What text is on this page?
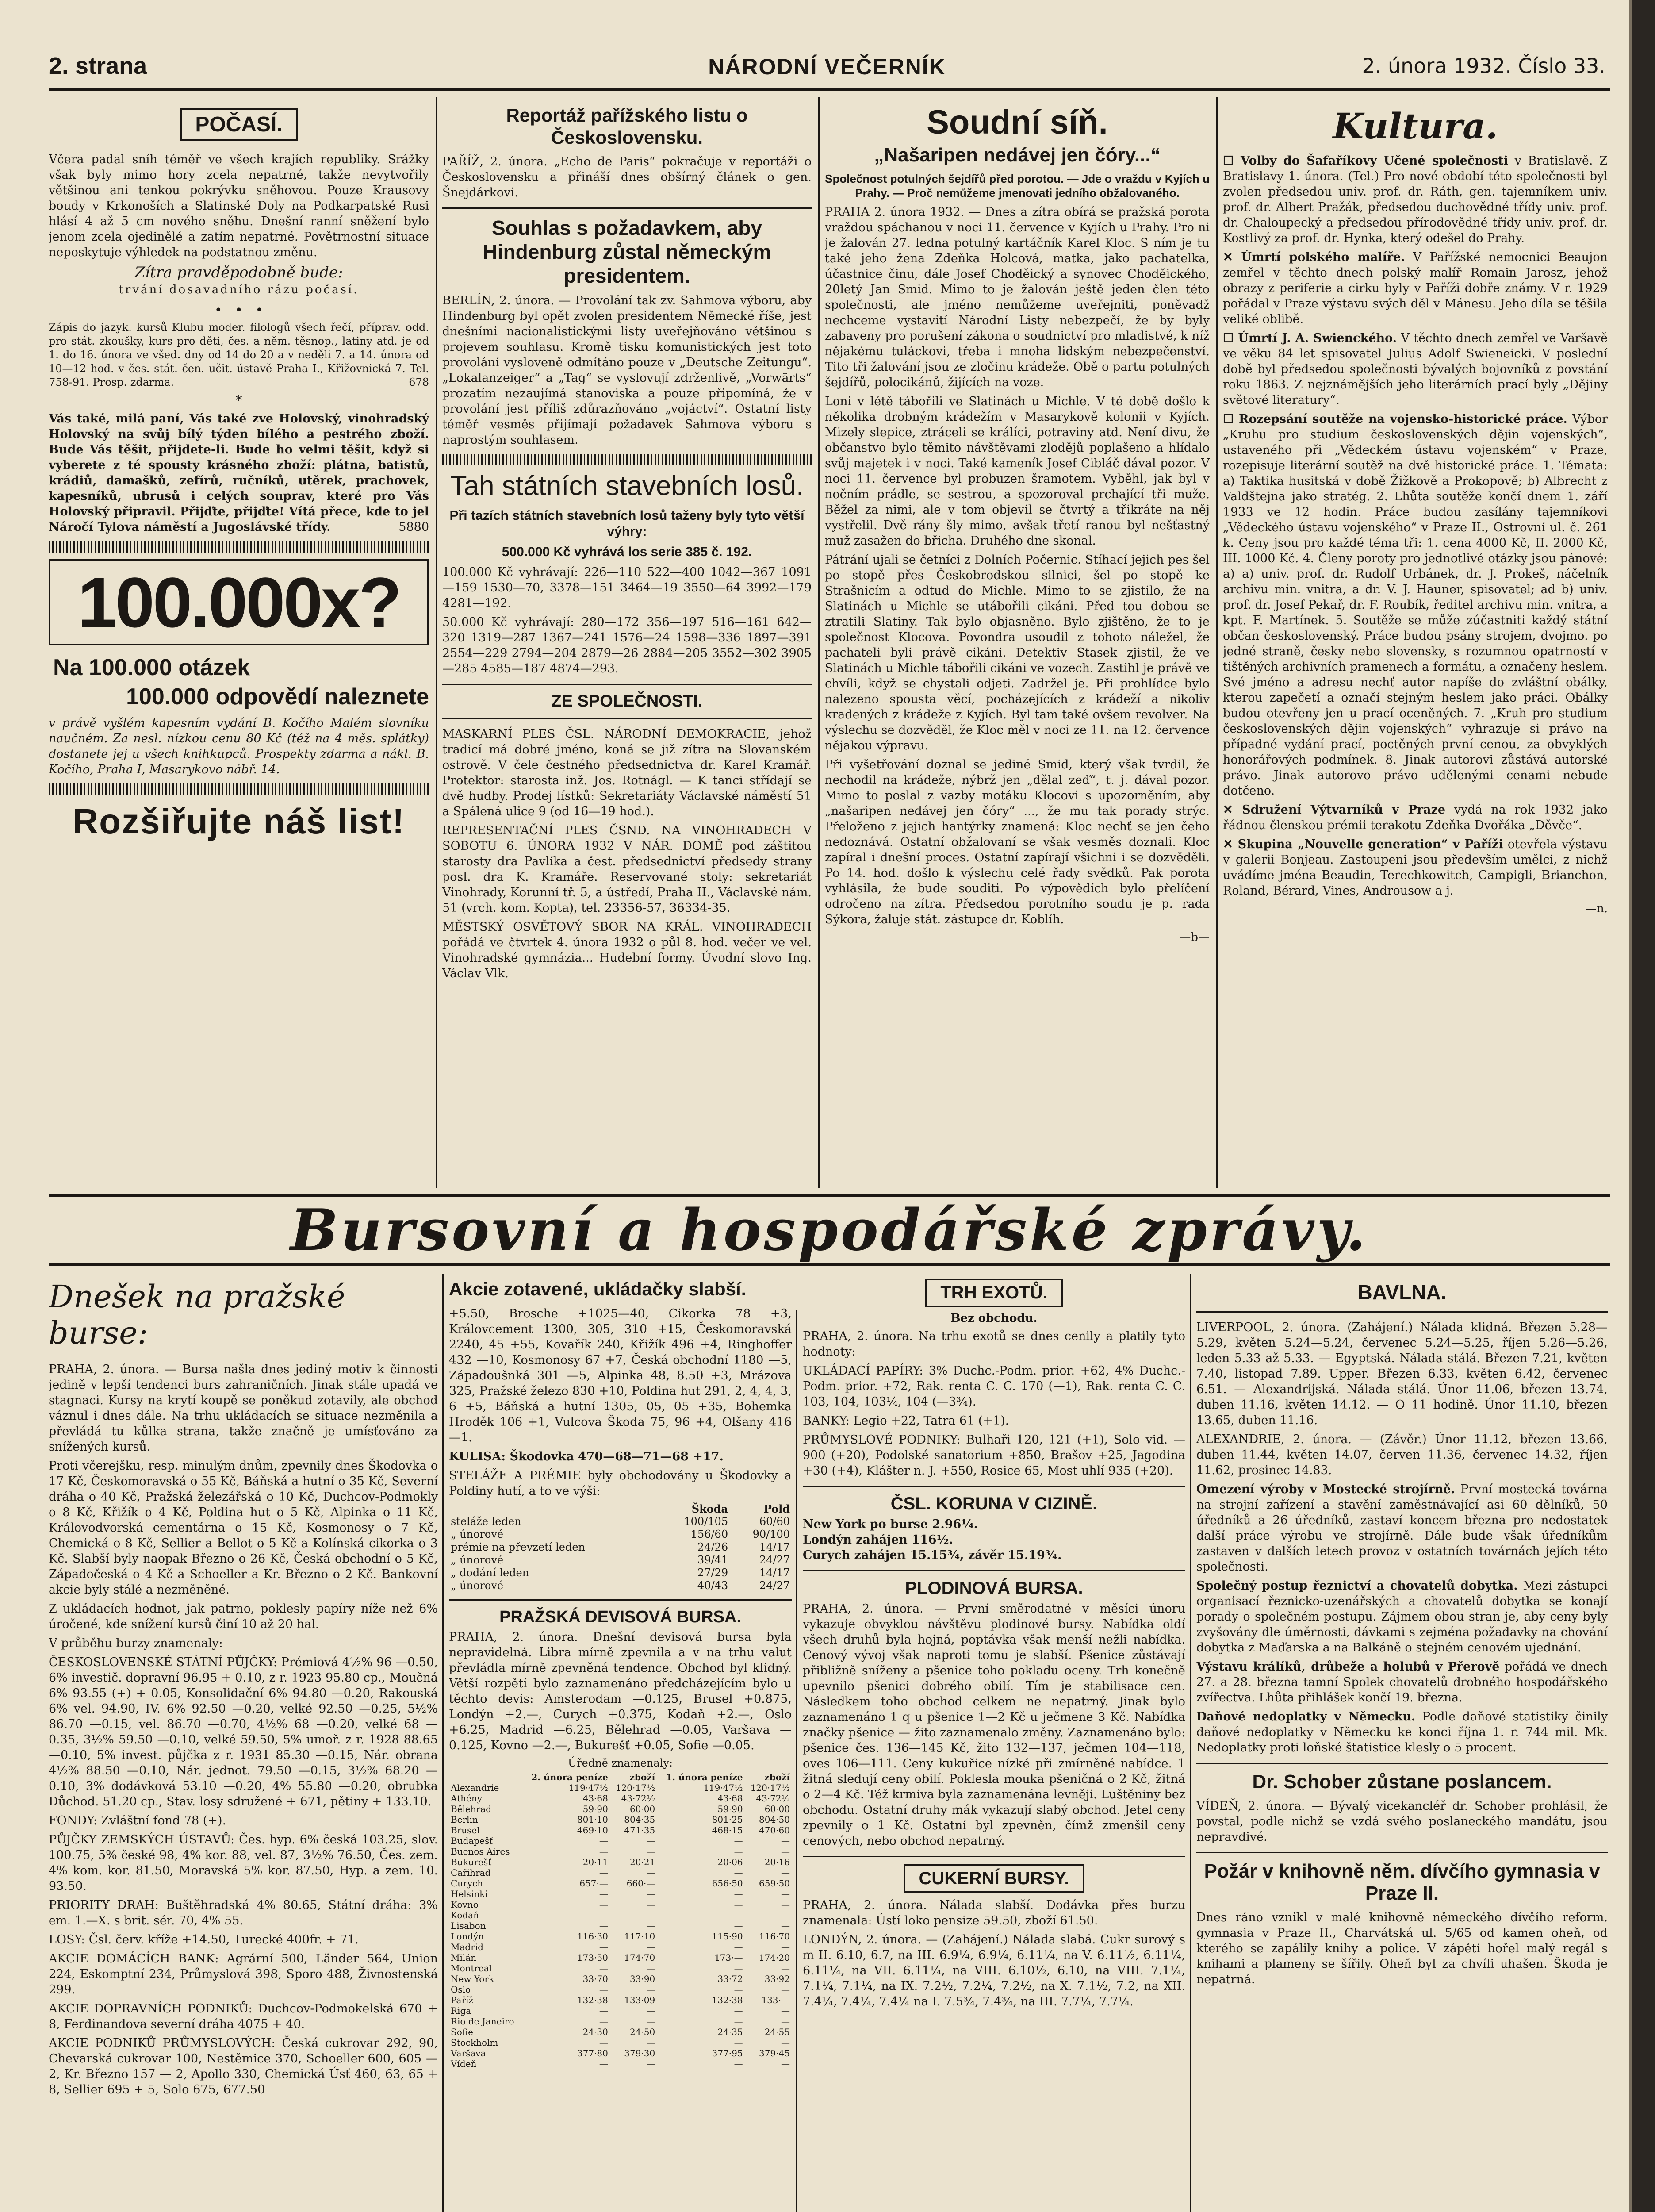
2. strana	NÁRODNÍ VEČERNÍK	2. února 1932. Číslo 33.
POČASÍ.

Včera padal sníh téměř ve všech krajích republiky. Srážky však byly mimo hory zcela nepatrné, takže nevytvořily většinou ani tenkou pokrývku sněhovou. Pouze Krausovy boudy v Krkonoších a Slatinské Doly na Podkarpatské Rusi hlásí 4 až 5 cm nového sněhu. Dnešní ranní sněžení bylo jenom zcela ojedinělé a zatím nepatrné. Povětrnostní situace neposkytuje výhledek na podstatnou změnu.

Zítra pravděpodobně bude:
trvání dosavadního rázu počasí.
•   •   •

Zápis do jazyk. kursů Klubu moder. filologů všech řečí, příprav. odd. pro stát. zkoušky, kurs pro děti, čes. a něm. těsnop., latiny atd. je od 1. do 16. února ve všed. dny od 14 do 20 a v neděli 7. a 14. února od 10—12 hod. v čes. stát. čen. učit. ústavě Praha I., Křižovnická 7. Tel. 758-91. Prosp. zdarma.	678

*

Vás také, milá paní, Vás také zve Holovský, vinohradský Holovský na svůj bílý týden bílého a pestrého zboží. Bude Vás těšit, přijdete-li. Bude ho velmi těšit, když si vyberete z té spousty krásného zboží: plátna, batistů, krádiů, damašků, zefírů, ručníků, utěrek, prachovek, kapesníků, ubrusů i celých souprav, které pro Vás Holovský připravil. Přijďte, přijďte! Vítá přece, kde to jel Náročí Tylova náměstí a Jugoslávské třídy.	5880

100.000x?
Na 100.000 otázek
100.000 odpovědí naleznete

v právě vyšlém kapesním vydání B. Kočího Malém slovníku naučném. Za nesl. nízkou cenu 80 Kč (též na 4 měs. splátky) dostanete jej u všech knihkupců. Prospekty zdarma a nákl. B. Kočího, Praha I, Masarykovo nábř. 14.

Rozšiřujte náš list!
Reportáž pařížského listu o Československu.

PAŘÍŽ, 2. února. „Echo de Paris“ pokračuje v reportáži o Československu a přináší dnes obšírný článek o gen. Šnejdárkovi.

Souhlas s požadavkem, aby Hindenburg zůstal německým presidentem.

BERLÍN, 2. února. — Provolání tak zv. Sahmova výboru, aby Hindenburg byl opět zvolen presidentem Německé říše, jest dnešními nacionalistickými listy uveřejňováno většinou s projevem souhlasu. Kromě tisku komunistických jest toto provolání vysloveně odmítáno pouze v „Deutsche Zeitungu“. „Lokalanzeiger“ a „Tag“ se vyslovují zdrženlivě, „Vorwärts“ prozatím nezaujímá stanoviska a pouze připomíná, že v provolání jest příliš zdůrazňováno „vojáctví“. Ostatní listy téměř vesměs přijímají požadavek Sahmova výboru s naprostým souhlasem.

Tah státních stavebních losů.
Při tazích státních stavebních losů taženy byly tyto větší výhry:
500.000 Kč vyhrává los serie 385 č. 192.

100.000 Kč vyhrávají: 226—110 522—400 1042—367 1091—159 1530—70, 3378—151 3464—19 3550—64 3992—179 4281—192.

50.000 Kč vyhrávají: 280—172 356—197 516—161 642—320 1319—287 1367—241 1576—24 1598—336 1897—391 2554—229 2794—204 2879—26 2884—205 3552—302 3905—285 4585—187 4874—293.

ZE SPOLEČNOSTI.

MASKARNÍ PLES ČSL. NÁRODNÍ DEMOKRACIE, jehož tradicí má dobré jméno, koná se již zítra na Slovanském ostrově. V čele čestného předsednictva dr. Karel Kramář. Protektor: starosta inž. Jos. Rotnágl. — K tanci střídají se dvě hudby. Prodej lístků: Sekretariáty Václavské náměstí 51 a Spálená ulice 9 (od 16—19 hod.).

REPRESENTAČNÍ PLES ČSND. NA VINOHRADECH V SOBOTU 6. ÚNORA 1932 V NÁR. DOMĚ pod záštitou starosty dra Pavlíka a čest. předsednictví předsedy strany posl. dra K. Kramáře. Reservované stoly: sekretariát Vinohrady, Korunní tř. 5, a ústředí, Praha II., Václavské nám. 51 (vrch. kom. Kopta), tel. 23356-57, 36334-35.

MĚSTSKÝ OSVĚTOVÝ SBOR NA KRÁL. VINOHRADECH pořádá ve čtvrtek 4. února 1932 o půl 8. hod. večer ve vel. Vinohradské gymnázia... Hudební formy. Úvodní slovo Ing. Václav Vlk.

Soudní síň.
„Našaripen nedávej jen čóry...“
Společnost potulných šejdířů před porotou. — Jde o vraždu v Kyjích u Prahy. — Proč nemůžeme jmenovati jedního obžalovaného.

PRAHA 2. února 1932. — Dnes a zítra obírá se pražská porota vraždou spáchanou v noci 11. července v Kyjích u Prahy. Pro ni je žalován 27. ledna potulný kartáčník Karel Kloc. S ním je tu také jeho žena Zdeňka Holcová, matka, jako pachatelka, účastnice činu, dále Josef Choděický a synovec Choděického, 20letý Jan Smid. Mimo to je žalován ještě jeden člen této společnosti, ale jméno nemůžeme uveřejniti, poněvadž nechceme vystavití Národní Listy nebezpečí, že by byly zabaveny pro porušení zákona o soudnictví pro mladistvé, k níž nějakému tuláckovi, třeba i mnoha lidským nebezpečenství. Tito tři žalování jsou ze zločinu krádeže. Obě o partu potulných šejdířů, polocikánů, žijících na voze.

Loni v létě tábořili ve Slatinách u Michle. V té době došlo k několika drobným krádežím v Masarykově kolonii v Kyjích. Mizely slepice, ztráceli se králíci, potraviny atd. Není divu, že občanstvo bylo těmito návštěvami zlodějů poplašeno a hlídalo svůj majetek i v noci. Také kameník Josef Cibláč dával pozor. V noci 11. července byl probuzen šramotem. Vyběhl, jak byl v nočním prádle, se sestrou, a spozoroval prchající tři muže. Běžel za nimi, ale v tom objevil se čtvrtý a třikráte na něj vystřelil. Dvě rány šly mimo, avšak třetí ranou byl nešťastný muž zasažen do břicha. Druhého dne skonal.

Pátrání ujali se četníci z Dolních Počernic. Stíhací jejich pes šel po stopě přes Českobrodskou silnici, šel po stopě ke Strašnicím a odtud do Michle. Mimo to se zjistilo, že na Slatinách u Michle se utábořili cikáni. Před tou dobou se ztratili Slatiny. Tak bylo objasněno. Bylo zjištěno, že to je společnost Klocova. Povondra usoudil z tohoto náležel, že pachateli byli právě cikáni. Detektiv Stasek zjistil, že ve Slatinách u Michle tábořili cikáni ve vozech. Zastihl je právě ve chvíli, když se chystali odjeti. Zadržel je. Při prohlídce bylo nalezeno spousta věcí, pocházejících z krádeží a nikoliv kradených z krádeže z Kyjích. Byl tam také ovšem revolver. Na výslechu se dozvěděl, že Kloc měl v noci ze 11. na 12. července nějakou výpravu.

Při vyšetřování doznal se jediné Smid, který však tvrdil, že nechodil na krádeže, nýbrž jen „dělal zeď“, t. j. dával pozor. Mimo to poslal z vazby motáku Klocovi s upozorněním, aby „našaripen nedávej jen čóry“ ..., že mu tak porady strýc. Přeloženo z jejich hantýrky znamená: Kloc nechť se jen čeho nedoznává. Ostatní obžalovaní se však vesměs doznali. Kloc zapíral i dnešní proces. Ostatní zapírají všichni i se dozvěděli. Po 14. hod. došlo k výslechu celé řady svědků. Pak porota vyhlásila, že bude souditi. Po výpovědích bylo přelíčení odročeno na zítra. Předsedou porotního soudu je p. rada Sýkora, žaluje stát. zástupce dr. Koblíh.

—b—
Kultura.

☐ Volby do Šafaříkovy Učené společnosti v Bratislavě. Z Bratislavy 1. února. (Tel.) Pro nové období této společnosti byl zvolen předsedou univ. prof. dr. Ráth, gen. tajemníkem univ. prof. dr. Albert Pražák, předsedou duchovědné třídy univ. prof. dr. Chaloupecký a předsedou přírodovědné třídy univ. prof. dr. Kostlivý za prof. dr. Hynka, který odešel do Prahy.

✕ Úmrtí polského malíře. V Pařížské nemocnici Beaujon zemřel v těchto dnech polský malíř Romain Jarosz, jehož obrazy z periferie a cirku byly v Paříži dobře známy. V r. 1929 pořádal v Praze výstavu svých děl v Mánesu. Jeho díla se těšila veliké oblibě.

☐ Úmrtí J. A. Swienckého. V těchto dnech zemřel ve Varšavě ve věku 84 let spisovatel Julius Adolf Swieneicki. V poslední době byl předsedou společnosti bývalých bojovníků z povstání roku 1863. Z nejznámějších jeho literárních prací byly „Dějiny světové literatury“.

☐ Rozepsání soutěže na vojensko-historické práce. Výbor „Kruhu pro studium československých dějin vojenských“, ustaveného při „Vědeckém ústavu vojenském“ v Praze, rozepisuje literární soutěž na dvě historické práce. 1. Témata: a) Taktika husitská v době Žižkově a Prokopově; b) Albrecht z Valdštejna jako stratég. 2. Lhůta soutěže končí dnem 1. září 1933 ve 12 hodin. Práce budou zasílány tajemníkovi „Vědeckého ústavu vojenského“ v Praze II., Ostrovní ul. č. 261 k. Ceny jsou pro každé téma tři: 1. cena 4000 Kč, II. 2000 Kč, III. 1000 Kč. 4. Členy poroty pro jednotlivé otázky jsou pánové: a) a) univ. prof. dr. Rudolf Urbánek, dr. J. Prokeš, náčelník archivu min. vnitra, a dr. V. J. Hauner, spisovatel; ad b) univ. prof. dr. Josef Pekař, dr. F. Roubík, ředitel archivu min. vnitra, a kpt. F. Martínek. 5. Soutěže se může zúčastniti každý státní občan československý. Práce budou psány strojem, dvojmo. po jedné straně, česky nebo slovensky, s rozumnou opatrností v tištěných archivních pramenech a formátu, a označeny heslem. Své jméno a adresu nechť autor napíše do zvláštní obálky, kterou zapečetí a označí stejným heslem jako práci. Obálky budou otevřeny jen u prací oceněných. 7. „Kruh pro studium československých dějin vojenských“ vyhrazuje si právo na případné vydání prací, poctěných první cenou, za obvyklých honorářových podmínek. 8. Jinak autorovi zůstává autorské právo. Jinak autorovo právo udělenými cenami nebude dotčeno.

✕ Sdružení Výtvarníků v Praze vydá na rok 1932 jako řádnou členskou prémii terakotu Zdeňka Dvořáka „Děvče“.

✕ Skupina „Nouvelle generation“ v Paříži otevřela výstavu v galerii Bonjeau. Zastoupeni jsou především umělci, z nichž uvádíme jména Beaudin, Terechkowitch, Campigli, Brianchon, Roland, Bérard, Vines, Androusow a j.

—n.
Bursovní a hospodářské zprávy.
Dnešek na pražské burse:

PRAHA, 2. února. — Bursa našla dnes jediný motiv k činnosti jedině v lepší tendenci burs zahraničních. Jinak stále upadá ve stagnaci. Kursy na krytí koupě se poněkud zotavily, ale obchod váznul i dnes dále. Na trhu ukládacích se situace nezměnila a převládá tu kůlka strana, takže značně je umísťováno za snížených kursů.

Proti včerejšku, resp. minulým dnům, zpevnily dnes Škodovka o 17 Kč, Českomoravská o 55 Kč, Báňská a hutní o 35 Kč, Severní dráha o 40 Kč, Pražská železářská o 10 Kč, Duchcov-Podmokly o 8 Kč, Křižík o 4 Kč, Poldina hut o 5 Kč, Alpinka o 11 Kč, Královodvorská cementárna o 15 Kč, Kosmonosy o 7 Kč, Chemická o 8 Kč, Sellier a Bellot o 5 Kč a Kolínská cikorka o 3 Kč. Slabší byly naopak Březno o 26 Kč, Česká obchodní o 5 Kč, Západočeská o 4 Kč a Schoeller a Kr. Březno o 2 Kč. Bankovní akcie byly stálé a nezměněné.

Z ukládacích hodnot, jak patrno, poklesly papíry níže než 6% úročené, kde snížení kursů činí 10 až 20 hal.

V průběhu burzy znamenaly:

ČESKOSLOVENSKÉ STÁTNÍ PŮJČKY: Prémiová 4½% 96 —0.50, 6% investič. dopravní 96.95 + 0.10, z r. 1923 95.80 cp., Moučná 6% 93.55 (+) + 0.05, Konsolidační 6% 94.80 —0.20, Rakouská 6% vel. 94.90, IV. 6% 92.50 —0.20, velké 92.50 —0.25, 5½% 86.70 —0.15, vel. 86.70 —0.70, 4½% 68 —0.20, velké 68 —0.35, 3½% 59.50 —0.10, velké 59.50, 5% umoř. z r. 1928 88.65 —0.10, 5% invest. půjčka z r. 1931 85.30 —0.15, Nár. obrana 4½% 88.50 —0.10, Nár. jednot. 79.50 —0.15, 3½% 68.20 —0.10, 3% dodávková 53.10 —0.20, 4% 55.80 —0.20, obrubka Důchod. 51.20 cp., Stav. losy sdružené + 671, pětiny + 133.10.

FONDY: Zvláštní fond 78 (+).

PŮJČKY ZEMSKÝCH ÚSTAVŮ: Čes. hyp. 6% česká 103.25, slov. 100.75, 5% české 98, 4% kor. 88, vel. 87, 3½% 76.50, Čes. zem. 4% kom. kor. 81.50, Moravská 5% kor. 87.50, Hyp. a zem. 10. 93.50.

PRIORITY DRAH: Buštěhradská 4% 80.65, Státní dráha: 3% em. 1.—X. s brit. sér. 70, 4% 55.

LOSY: Čsl. červ. kříže +14.50, Turecké 400fr. + 71.

AKCIE DOMÁCÍCH BANK: Agrární 500, Länder 564, Union 224, Eskomptní 234, Průmyslová 398, Sporo 488, Živnostenská 299.

AKCIE DOPRAVNÍCH PODNIKŮ: Duchcov-Podmokelská 670 + 8, Ferdinandova severní dráha 4075 + 40.

AKCIE PODNIKŮ PRŮMYSLOVÝCH: Česká cukrovar 292, 90, Chevarská cukrovar 100, Nestěmice 370, Schoeller 600, 605 — 2, Kr. Březno 157 — 2, Apollo 330, Chemická Úsť 460, 63, 65 + 8, Sellier 695 + 5, Solo 675, 677.50

Akcie zotavené, ukládačky slabší.

+5.50, Brosche +1025—40, Cikorka 78 +3, Královcement 1300, 305, 310 +15, Českomoravská 2240, 45 +55, Kovařík 240, Křižík 496 +4, Ringhoffer 432 —10, Kosmonosy 67 +7, Česká obchodní 1180 —5, Západoušnká 301 —5, Alpinka 48, 8.50 +3, Mrázova 325, Pražské železo 830 +10, Poldina hut 291, 2, 4, 4, 3, 6 +5, Báňská a hutní 1305, 05, 05 +35, Bohemka Hroděk 106 +1, Vulcova Škoda 75, 96 +4, Olšany 416 —1.

KULISA: Škodovka 470—68—71—68 +17.

STELÁŽE A PRÉMIE byly obchodovány u Škodovky a Poldiny hutí, a to ve výši:

	Škoda	Pold
steláže leden	100/105	60/60
„ únorové	156/60	90/100
prémie na převzetí leden	24/26	14/17
„ únorové	39/41	24/27
„ dodání leden	27/29	14/17
„ únorové	40/43	24/27
PRAŽSKÁ DEVISOVÁ BURSA.

PRAHA, 2. února. Dnešní devisová bursa byla nepravidelná. Libra mírně zpevnila a v na trhu valut převládla mírně zpevněná tendence. Obchod byl klidný. Větší rozpětí bylo zaznamenáno předcházejícím bylo u těchto devis: Amsterodam —0.125, Brusel +0.875, Londýn +2.—, Curych +0.375, Kodaň +2.—, Oslo +6.25, Madrid —6.25, Bělehrad —0.05, Varšava —0.125, Kovno —2.—, Bukurešť +0.05, Sofie —0.05.

Úředně znamenaly:
	2. února peníze	zboží	1. února peníze	zboží
Alexandrie	119·47½	120·17½	119·47½	120·17½
Athény	43·68	43·72½	43·68	43·72½
Bělehrad	59·90	60·00	59·90	60·00
Berlín	801·10	804·35	801·25	804·50
Brusel	469·10	471·35	468·15	470·60
Budapešť	—	—	—	—
Buenos Aires	—	—	—	—
Bukurešť	20·11	20·21	20·06	20·16
Cařihrad	—	—	—	—
Curych	657·—	660·—	656·50	659·50
Helsinki	—	—	—	—
Kovno	—	—	—	—
Kodaň	—	—	—	—
Lisabon	—	—	—	—
Londýn	116·30	117·10	115·90	116·70
Madrid	—	—	—	—
Milán	173·50	174·70	173·—	174·20
Montreal	—	—	—	—
New York	33·70	33·90	33·72	33·92
Oslo	—	—	—	—
Paříž	132·38	133·09	132·38	133·—
Riga	—	—	—	—
Rio de Janeiro	—	—	—	—
Sofie	24·30	24·50	24·35	24·55
Stockholm	—	—	—	—
Varšava	377·80	379·30	377·95	379·45
Vídeň	—	—	—	—
TRH EXOTŮ.
Bez obchodu.

PRAHA, 2. února. Na trhu exotů se dnes cenily a platily tyto hodnoty:

UKLÁDACÍ PAPÍRY: 3% Duchc.-Podm. prior. +62, 4% Duchc.-Podm. prior. +72, Rak. renta C. C. 170 (—1), Rak. renta C. C. 103, 104, 103¼, 104 (—3¾).

BANKY: Legio +22, Tatra 61 (+1).

PRŮMYSLOVÉ PODNIKY: Bulhaři 120, 121 (+1), Solo vid. —900 (+20), Podolské sanatorium +850, Brašov +25, Jagodina +30 (+4), Klášter n. J. +550, Rosice 65, Most uhlí 935 (+20).

ČSL. KORUNA V CIZINĚ.

New York po burse 2.96¼.

Londýn zahájen 116½.

Curych zahájen 15.15¾, závěr 15.19¾.

PLODINOVÁ BURSA.

PRAHA, 2. února. — První směrodatné v měsíci únoru vykazuje obvyklou návštěvu plodinové bursy. Nabídka oldí všech druhů byla hojná, poptávka však menší nežli nabídka. Cenový vývoj však naproti tomu je slabší. Pšenice zůstávají přibližně sníženy a pšenice toho pokladu oceny. Trh konečně upevnilo pšenici dobrého obilí. Tím je stabilisace cen. Následkem toho obchod celkem ne nepatrný. Jinak bylo zaznamenáno 1 q u pšenice 1—2 Kč u ječmene 3 Kč. Nabídka značky pšenice — žito zaznamenalo změny. Zaznamenáno bylo: pšenice čes. 136—145 Kč, žito 132—137, ječmen 104—118, oves 106—111. Ceny kukuřice nízké při zmírněné nabídce. 1 žitná sledují ceny obilí. Poklesla mouka pšeničná o 2 Kč, žitná o 2—4 Kč. Též krmiva byla zaznamenána levněji. Luštěniny bez obchodu. Ostatní druhy mák vykazují slabý obchod. Jetel ceny zpevnily o 1 Kč. Ostatní byl zpevněn, čímž zmenšil ceny cenových, nebo obchod nepatrný.

CUKERNÍ BURSY.

PRAHA, 2. února. Nálada slabší. Dodávka přes burzu znamenala: Ústí loko pensize 59.50, zboží 61.50.

LONDÝN, 2. února. — (Zahájení.) Nálada slabá. Cukr surový s m II. 6.10, 6.7, na III. 6.9¼, 6.9¼, 6.11¼, na V. 6.11½, 6.11¼, 6.11¼, na VII. 6.11¼, na VIII. 6.10½, 6.10, na VIII. 7.1¼, 7.1¼, 7.1¼, na IX. 7.2½, 7.2¼, 7.2½, na X. 7.1½, 7.2, na XII. 7.4¼, 7.4¼, 7.4¼ na I. 7.5¾, 7.4¾, na III. 7.7¼, 7.7¼.

BAVLNA.

LIVERPOOL, 2. února. (Zahájení.) Nálada klidná. Březen 5.28—5.29, květen 5.24—5.24, červenec 5.24—5.25, říjen 5.26—5.26, leden 5.33 až 5.33. — Egyptská. Nálada stálá. Březen 7.21, květen 7.40, listopad 7.89. Upper. Březen 6.33, květen 6.42, červenec 6.51. — Alexandrijská. Nálada stálá. Únor 11.06, březen 13.74, duben 11.16, květen 14.12. — O 11 hodině. Únor 11.10, březen 13.65, duben 11.16.

ALEXANDRIE, 2. února. — (Závěr.) Únor 11.12, březen 13.66, duben 11.44, květen 14.07, červen 11.36, červenec 14.32, říjen 11.62, prosinec 14.83.

Omezení výroby v Mostecké strojírně. První mostecká továrna na strojní zařízení a stavění zaměstnávající asi 60 dělníků, 50 úředníků a 26 úředníků, zastaví koncem března pro nedostatek další práce výrobu ve strojírně. Dále bude však úředníkům zastaven v dalších letech provoz v ostatních továrnách jejích této společnosti.

Společný postup řeznictví a chovatelů dobytka. Mezi zástupci organisací řeznicko-uzenářských a chovatelů dobytka se konají porady o společném postupu. Zájmem obou stran je, aby ceny byly zvyšovány dle úměrnosti, dávkami s zejména požadavky na chování dobytka z Maďarska a na Balkáně o stejném cenovém ujednání.

Výstavu králíků, drůbeže a holubů v Přerově pořádá ve dnech 27. a 28. března tamní Spolek chovatelů drobného hospodářského zvířectva. Lhůta přihlášek končí 19. března.

Daňové nedoplatky v Německu. Podle daňové statistiky činily daňové nedoplatky v Německu ke konci října 1. r. 744 mil. Mk. Nedoplatky proti loňské štatistice klesly o 5 procent.

Dr. Schober zůstane poslancem.

VÍDEŇ, 2. února. — Bývalý vicekancléř dr. Schober prohlásil, že povstal, podle nichž se vzdá svého poslaneckého mandátu, jsou nepravdivé.

Požár v knihovně něm. dívčího gymnasia v Praze II.

Dnes ráno vznikl v malé knihovně německého dívčího reform. gymnasia v Praze II., Charvátská ul. 5/65 od kamen oheň, od kterého se zapálily knihy a police. V zápětí hořel malý regál s knihami a plameny se šířily. Oheň byl za chvíli uhašen. Škoda je nepatrná.
